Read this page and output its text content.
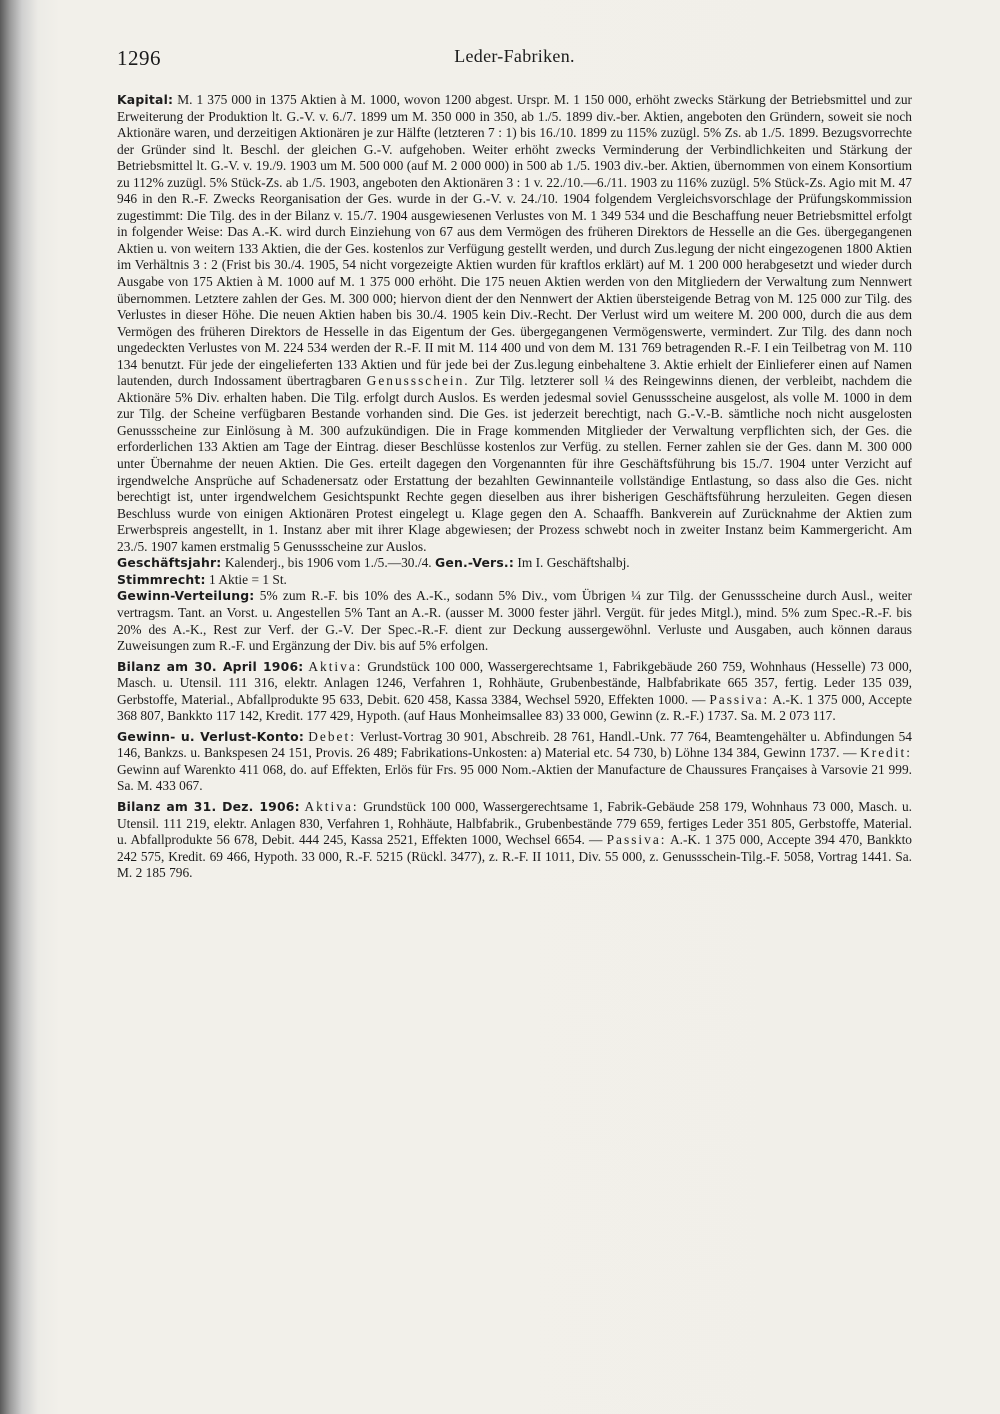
1296	Leder-Fabriken.

Kapital: M. 1 375 000 in 1375 Aktien à M. 1000, wovon 1200 abgest. Urspr. M. 1 150 000, erhöht zwecks Stärkung der Betriebsmittel und zur Erweiterung der Produktion lt. G.-V. v. 6./7. 1899 um M. 350 000 in 350, ab 1./5. 1899 div.-ber. Aktien, angeboten den Gründern, soweit sie noch Aktionäre waren, und derzeitigen Aktionären je zur Hälfte (letzteren 7 : 1) bis 16./10. 1899 zu 115% zuzügl. 5% Zs. ab 1./5. 1899. Bezugsvorrechte der Gründer sind lt. Beschl. der gleichen G.-V. aufgehoben. Weiter erhöht zwecks Verminderung der Verbindlichkeiten und Stärkung der Betriebsmittel lt. G.-V. v. 19./9. 1903 um M. 500 000 (auf M. 2 000 000) in 500 ab 1./5. 1903 div.-ber. Aktien, übernommen von einem Konsortium zu 112% zuzügl. 5% Stück-Zs. ab 1./5. 1903, angeboten den Aktionären 3 : 1 v. 22./10.—6./11. 1903 zu 116% zuzügl. 5% Stück-Zs. Agio mit M. 47 946 in den R.-F. Zwecks Reorganisation der Ges. wurde in der G.-V. v. 24./10. 1904 folgendem Vergleichsvorschlage der Prüfungskommission zugestimmt: Die Tilg. des in der Bilanz v. 15./7. 1904 ausgewiesenen Verlustes von M. 1 349 534 und die Beschaffung neuer Betriebsmittel erfolgt in folgender Weise: Das A.-K. wird durch Einziehung von 67 aus dem Vermögen des früheren Direktors de Hesselle an die Ges. übergegangenen Aktien u. von weitern 133 Aktien, die der Ges. kostenlos zur Verfügung gestellt werden, und durch Zus.legung der nicht eingezogenen 1800 Aktien im Verhältnis 3 : 2 (Frist bis 30./4. 1905, 54 nicht vorgezeigte Aktien wurden für kraftlos erklärt) auf M. 1 200 000 herabgesetzt und wieder durch Ausgabe von 175 Aktien à M. 1000 auf M. 1 375 000 erhöht. Die 175 neuen Aktien werden von den Mitgliedern der Verwaltung zum Nennwert übernommen. Letztere zahlen der Ges. M. 300 000; hiervon dient der den Nennwert der Aktien übersteigende Betrag von M. 125 000 zur Tilg. des Verlustes in dieser Höhe. Die neuen Aktien haben bis 30./4. 1905 kein Div.-Recht. Der Verlust wird um weitere M. 200 000, durch die aus dem Vermögen des früheren Direktors de Hesselle in das Eigentum der Ges. übergegangenen Vermögenswerte, vermindert. Zur Tilg. des dann noch ungedeckten Verlustes von M. 224 534 werden der R.-F. II mit M. 114 400 und von dem M. 131 769 betragenden R.-F. I ein Teilbetrag von M. 110 134 benutzt. Für jede der eingelieferten 133 Aktien und für jede bei der Zus.legung einbehaltene 3. Aktie erhielt der Einlieferer einen auf Namen lautenden, durch Indossament übertragbaren Genussschein. Zur Tilg. letzterer soll ¼ des Reingewinns dienen, der verbleibt, nachdem die Aktionäre 5% Div. erhalten haben. Die Tilg. erfolgt durch Auslos. Es werden jedesmal soviel Genussscheine ausgelost, als volle M. 1000 in dem zur Tilg. der Scheine verfügbaren Bestande vorhanden sind. Die Ges. ist jederzeit berechtigt, nach G.-V.-B. sämtliche noch nicht ausgelosten Genussscheine zur Einlösung à M. 300 aufzukündigen. Die in Frage kommenden Mitglieder der Verwaltung verpflichten sich, der Ges. die erforderlichen 133 Aktien am Tage der Eintrag. dieser Beschlüsse kostenlos zur Verfüg. zu stellen. Ferner zahlen sie der Ges. dann M. 300 000 unter Übernahme der neuen Aktien. Die Ges. erteilt dagegen den Vorgenannten für ihre Geschäftsführung bis 15./7. 1904 unter Verzicht auf irgendwelche Ansprüche auf Schadenersatz oder Erstattung der bezahlten Gewinnanteile vollständige Entlastung, so dass also die Ges. nicht berechtigt ist, unter irgendwelchem Gesichtspunkt Rechte gegen dieselben aus ihrer bisherigen Geschäftsführung herzuleiten. Gegen diesen Beschluss wurde von einigen Aktionären Protest eingelegt u. Klage gegen den A. Schaaffh. Bankverein auf Zurücknahme der Aktien zum Erwerbspreis angestellt, in 1. Instanz aber mit ihrer Klage abgewiesen; der Prozess schwebt noch in zweiter Instanz beim Kammergericht. Am 23./5. 1907 kamen erstmalig 5 Genussscheine zur Auslos.

Geschäftsjahr: Kalenderj., bis 1906 vom 1./5.—30./4. Gen.-Vers.: Im I. Geschäftshalbj.

Stimmrecht: 1 Aktie = 1 St.

Gewinn-Verteilung: 5% zum R.-F. bis 10% des A.-K., sodann 5% Div., vom Übrigen ¼ zur Tilg. der Genussscheine durch Ausl., weiter vertragsm. Tant. an Vorst. u. Angestellen 5% Tant an A.-R. (ausser M. 3000 fester jährl. Vergüt. für jedes Mitgl.), mind. 5% zum Spec.-R.-F. bis 20% des A.-K., Rest zur Verf. der G.-V. Der Spec.-R.-F. dient zur Deckung aussergewöhnl. Verluste und Ausgaben, auch können daraus Zuweisungen zum R.-F. und Ergänzung der Div. bis auf 5% erfolgen.

Bilanz am 30. April 1906: Aktiva: Grundstück 100 000, Wassergerechtsame 1, Fabrikgebäude 260 759, Wohnhaus (Hesselle) 73 000, Masch. u. Utensil. 111 316, elektr. Anlagen 1246, Verfahren 1, Rohhäute, Grubenbestände, Halbfabrikate 665 357, fertig. Leder 135 039, Gerbstoffe, Material., Abfallprodukte 95 633, Debit. 620 458, Kassa 3384, Wechsel 5920, Effekten 1000. — Passiva: A.-K. 1 375 000, Accepte 368 807, Bankkto 117 142, Kredit. 177 429, Hypoth. (auf Haus Monheimsallee 83) 33 000, Gewinn (z. R.-F.) 1737. Sa. M. 2 073 117.

Gewinn- u. Verlust-Konto: Debet: Verlust-Vortrag 30 901, Abschreib. 28 761, Handl.-Unk. 77 764, Beamtengehälter u. Abfindungen 54 146, Bankzs. u. Bankspesen 24 151, Provis. 26 489; Fabrikations-Unkosten: a) Material etc. 54 730, b) Löhne 134 384, Gewinn 1737. — Kredit: Gewinn auf Warenkto 411 068, do. auf Effekten, Erlös für Frs. 95 000 Nom.-Aktien der Manufacture de Chaussures Françaises à Varsovie 21 999. Sa. M. 433 067.

Bilanz am 31. Dez. 1906: Aktiva: Grundstück 100 000, Wassergerechtsame 1, Fabrik-Gebäude 258 179, Wohnhaus 73 000, Masch. u. Utensil. 111 219, elektr. Anlagen 830, Verfahren 1, Rohhäute, Halbfabrik., Grubenbestände 779 659, fertiges Leder 351 805, Gerbstoffe, Material. u. Abfallprodukte 56 678, Debit. 444 245, Kassa 2521, Effekten 1000, Wechsel 6654. — Passiva: A.-K. 1 375 000, Accepte 394 470, Bankkto 242 575, Kredit. 69 466, Hypoth. 33 000, R.-F. 5215 (Rückl. 3477), z. R.-F. II 1011, Div. 55 000, z. Genussschein-Tilg.-F. 5058, Vortrag 1441. Sa. M. 2 185 796.
